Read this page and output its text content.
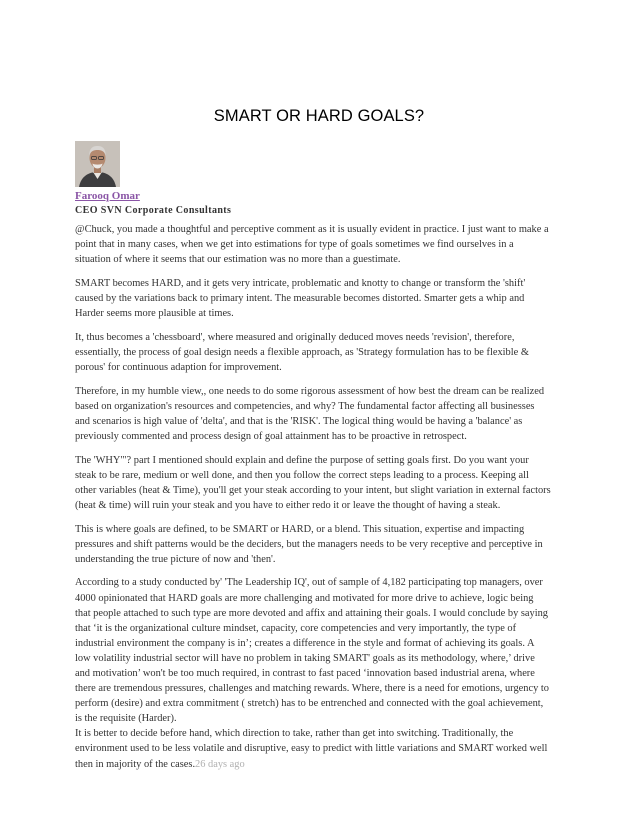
SMART OR HARD GOALS?
Farooq Omar
CEO SVN Corporate Consultants

@Chuck, you made a thoughtful and perceptive comment as it is usually evident in practice. I just want to make a point that in many cases, when we get into estimations for type of goals sometimes we find ourselves in a situation of where it seems that our estimation was no more than a guestimate.

SMART becomes HARD, and it gets very intricate, problematic and knotty to change or transform the 'shift' caused by the variations back to primary intent. The measurable becomes distorted. Smarter gets a whip and Harder seems more plausible at times.

It, thus becomes a 'chessboard', where measured and originally deduced moves needs 'revision', therefore, essentially, the process of goal design needs a flexible approach, as 'Strategy formulation has to be flexible & porous' for continuous adaption for improvement.

Therefore, in my humble view,, one needs to do some rigorous assessment of how best the dream can be realized based on organization's resources and competencies, and why? The fundamental factor affecting all businesses and scenarios is high value of 'delta', and that is the 'RISK'. The logical thing would be having a 'balance' as previously commented and process design of goal attainment has to be proactive in retrospect.

The 'WHY'"? part I mentioned should explain and define the purpose of setting goals first. Do you want your steak to be rare, medium or well done, and then you follow the correct steps leading to a process. Keeping all other variables (heat & Time), you'll get your steak according to your intent, but slight variation in external factors (heat & time) will ruin your steak and you have to either redo it or leave the thought of having a steak.

This is where goals are defined, to be SMART or HARD, or a blend. This situation, expertise and impacting pressures and shift patterns would be the deciders, but the managers needs to be very receptive and perceptive in understanding the true picture of now and 'then'.

According to a study conducted by' 'The Leadership IQ', out of sample of 4,182 participating top managers, over 4000 opinionated that HARD goals are more challenging and motivated for more drive to achieve, logic being that people attached to such type are more devoted and affix and attaining their goals. I would conclude by saying that ‘it is the organizational culture mindset, capacity, core competencies and very importantly, the type of industrial environment the company is in’; creates a difference in the style and format of achieving its goals. A low volatility industrial sector will have no problem in taking SMART' goals as its methodology, where,’ drive and motivation’ won't be too much required, in contrast to fast paced ‘innovation based industrial arena, where there are tremendous pressures, challenges and matching rewards. Where, there is a need for emotions, urgency to perform (desire) and extra commitment ( stretch) has to be entrenched and connected with the goal achievement, is the requisite (Harder).

It is better to decide before hand, which direction to take, rather than get into switching. Traditionally, the environment used to be less volatile and disruptive, easy to predict with little variations and SMART worked well then in majority of the cases.26 days ago
